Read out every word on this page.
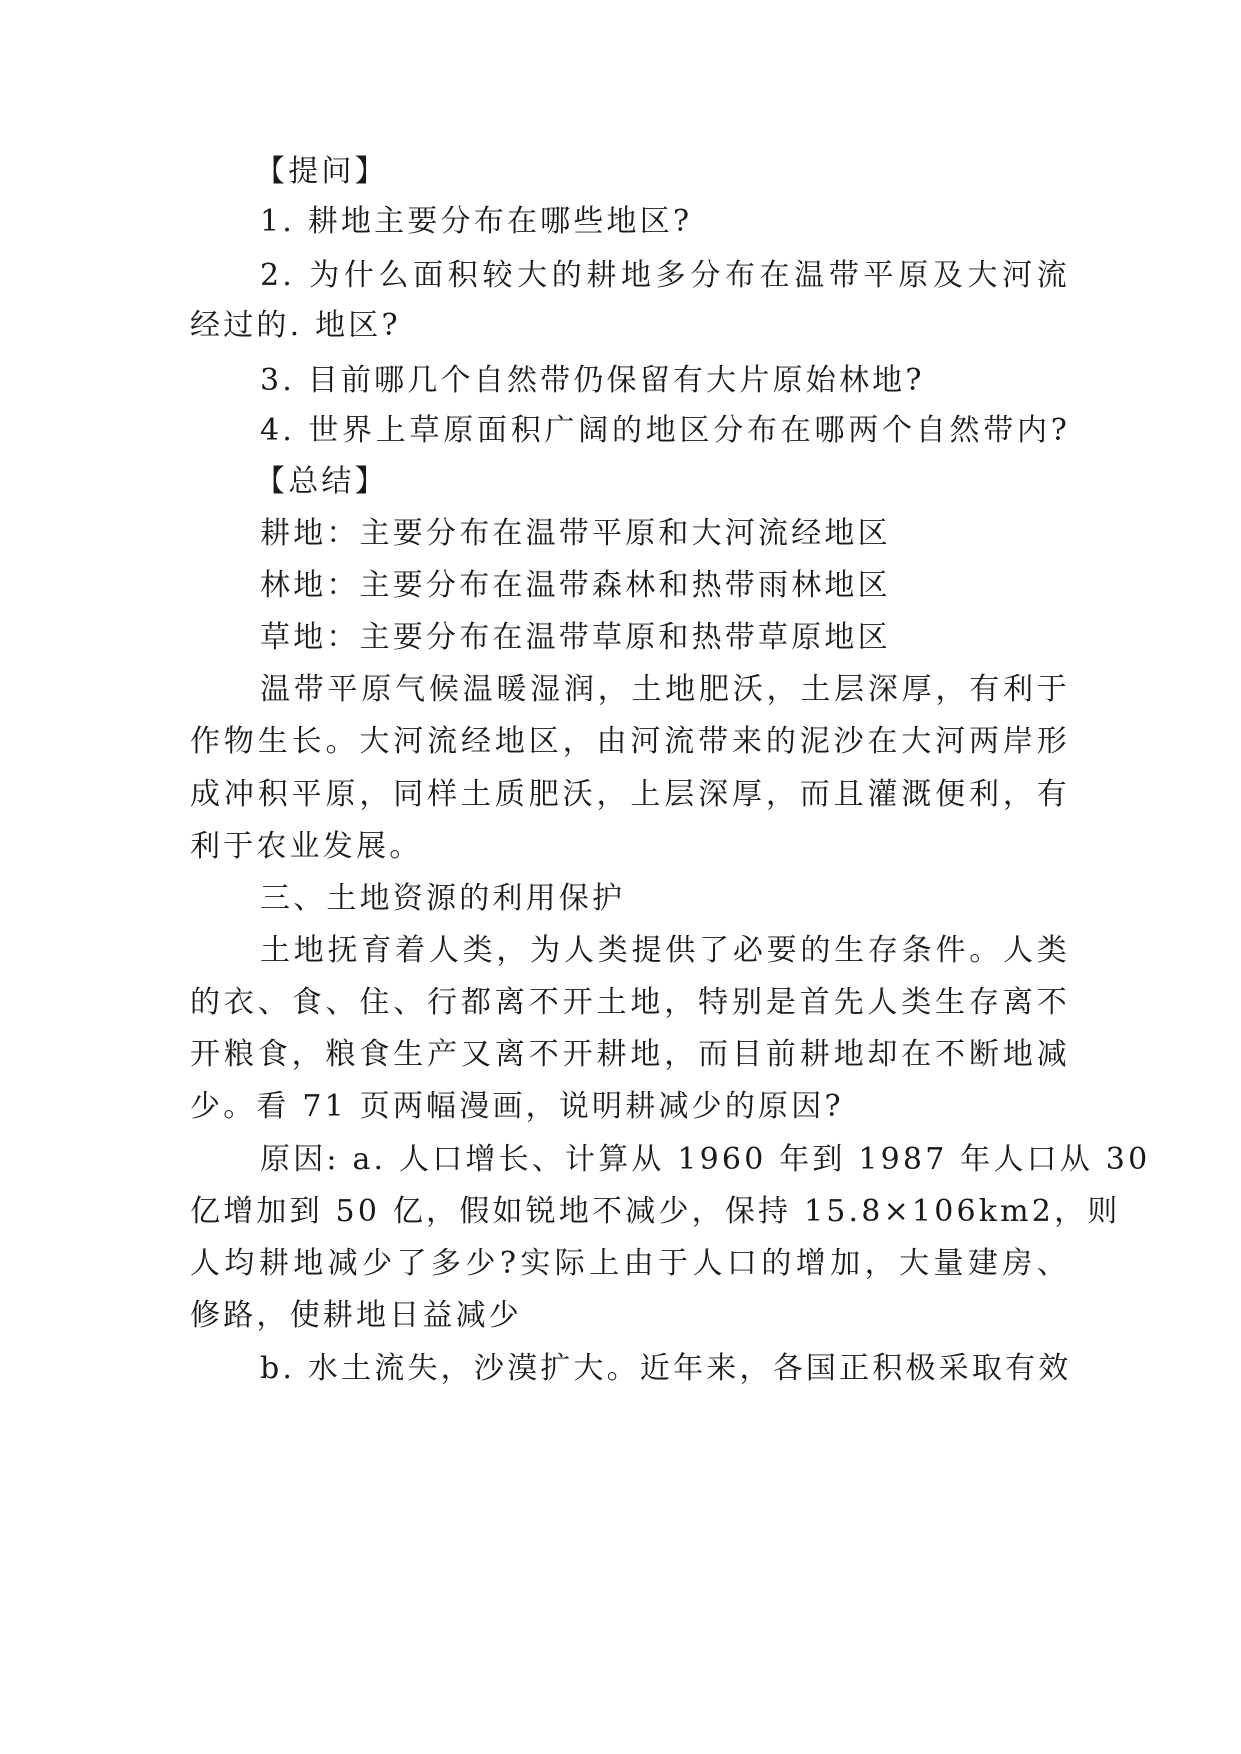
【提问】
1. 耕地主要分布在哪些地区?
2. 为什么面积较大的耕地多分布在温带平原及大河流
经过的. 地区?
3. 目前哪几个自然带仍保留有大片原始林地?
4. 世界上草原面积广阔的地区分布在哪两个自然带内?
【总结】
耕地：主要分布在温带平原和大河流经地区
林地：主要分布在温带森林和热带雨林地区
草地：主要分布在温带草原和热带草原地区
温带平原气候温暖湿润，土地肥沃，土层深厚，有利于
作物生长。大河流经地区，由河流带来的泥沙在大河两岸形
成冲积平原，同样土质肥沃，上层深厚，而且灌溉便利，有
利于农业发展。
三、土地资源的利用保护
土地抚育着人类，为人类提供了必要的生存条件。人类
的衣、食、住、行都离不开土地，特别是首先人类生存离不
开粮食，粮食生产又离不开耕地，而目前耕地却在不断地减
少。看 71 页两幅漫画，说明耕减少的原因?
原因: a. 人口增长、计算从 1960 年到 1987 年人口从 30
亿增加到 50 亿，假如锐地不减少，保持 15.8×106km2，则
人均耕地减少了多少?实际上由于人口的增加，大量建房、
修路，使耕地日益减少
b. 水土流失，沙漠扩大。近年来，各国正积极采取有效
